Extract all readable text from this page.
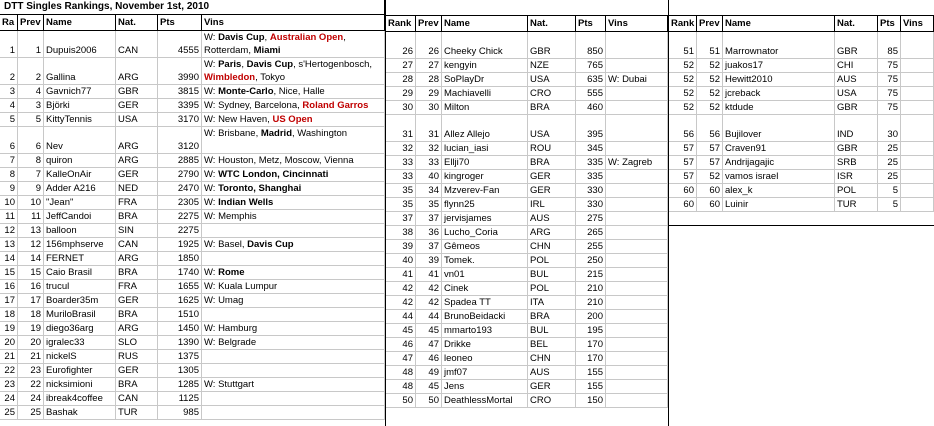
DTT Singles Rankings, November 1st, 2010
Ra Prev Name	Nat.	Pts	Vins
1	1 Dupuis2006	CAN	4555
W: Davis Cup, Australian Open, Rotterdam, Miami
2	2 Gallina	ARG	3990
W: Paris, Davis Cup, s'Hertogenbosch, Wimbledon, Tokyo
3	4 Gavnich77	GBR	3815 W: Monte-Carlo, Nice, Halle
4	3 Björki	GER	3395 W: Sydney, Barcelona, Roland Garros
5	5 KittyTennis	USA	3170 W: New Haven, US Open
6	6 Nev	ARG	3120
W: Brisbane, Madrid, Washington
7	8 quiron	ARG	2885 W: Houston, Metz, Moscow, Vienna
8	7 KalleOnAir	GER	2790 W: WTC London, Cincinnati
9	9 Adder A216	NED	2470 W: Toronto, Shanghai
10	10 "Jean"	FRA	2305 W: Indian Wells
11	11 JeffCandoi	BRA	2275 W: Memphis
12	13 balloon	SIN	2275
13	12 156mphserve	CAN	1925 W: Basel, Davis Cup
14	14 FERNET	ARG	1850
15	15 Caio Brasil	BRA	1740 W: Rome
16	16 trucul	FRA	1655 W: Kuala Lumpur
17	17 Boarder35m	GER	1625 W: Umag
18	18 MuriloBrasil	BRA	1510
19	19 diego36arg	ARG	1450 W: Hamburg
20	20 igralec33	SLO	1390 W: Belgrade
21	21 nickelS	RUS	1375
22	23 Eurofighter	GER	1305
23	22 nicksimioni	BRA	1285 W: Stuttgart
24	24 ibreak4coffee	CAN	1125
25	25 Bashak	TUR	985
Rank Prev Name	Nat.	Pts	Vins
26	26 Cheeky Chick	GBR	850
27	27 kengyin	NZE	765
28	28 SoPlayDr	USA	635 W: Dubai
29	29 Machiavelli	CRO	555
30	30 Milton	BRA	460
31	31 Allez Allejo	USA	395
32	32 lucian_iasi	ROU	345
33	33 Ellji70	BRA	335 W: Zagreb
33	40 kingroger	GER	335
35	34 Mzverev-Fan	GER	330
35	35 flynn25	IRL	330
37	37 jervisjames	AUS	275
38	36 Lucho_Coria	ARG	265
39	37 Gêmeos	CHN	255
40	39 Tomek.	POL	250
41	41 vn01	BUL	215
42	42 Cinek	POL	210
42	42 Spadea TT	ITA	210
44	44 BrunoBeidacki	BRA	200
45	45 mmarto193	BUL	195
46	47 Drikke	BEL	170
47	46 leoneo	CHN	170
48	49 jmf07	AUS	155
48	45 Jens	GER	155
50	50 DeathlessMortal	CRO	150
Rank Prev Name	Nat.	Pts Vins
51	51 Marrownator	GBR	85
52	52 juakos17	CHI	75
52	52 Hewitt2010	AUS	75
52	52 jcreback	USA	75
52	52 ktdude	GBR	75
56	56 Bujilover	IND	30
57	57 Craven91	GBR	25
57	57 Andrijagajic	SRB	25
57	52 vamos israel	ISR	25
60	60 alex_k	POL	5
60	60 Luinir	TUR	5
